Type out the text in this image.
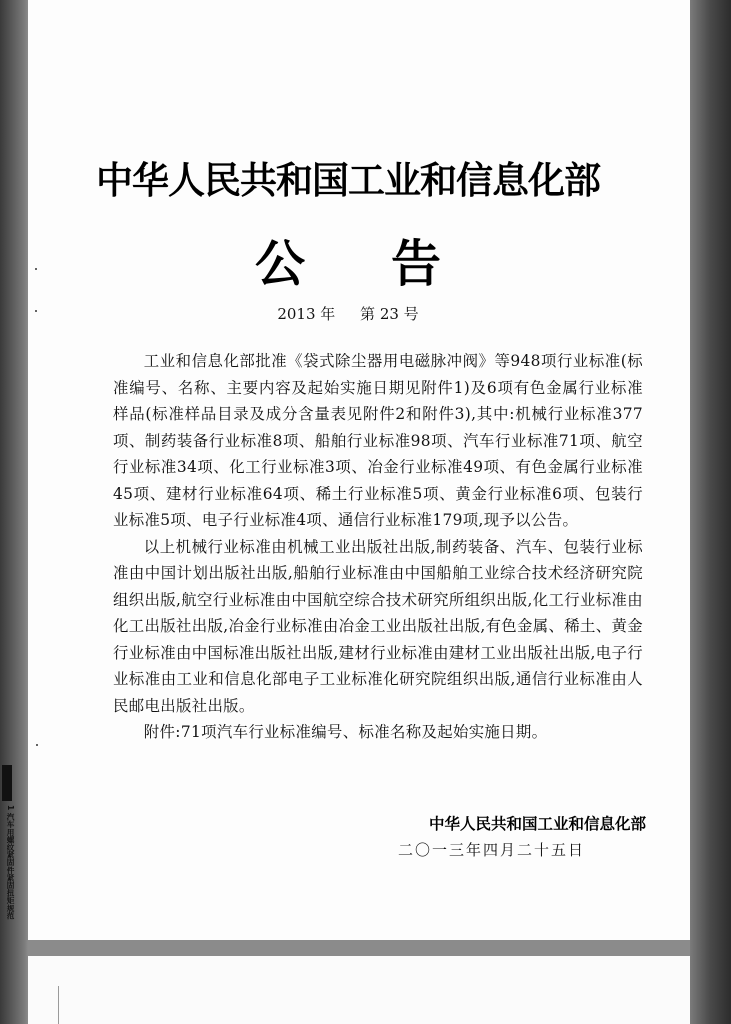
1 汽车用螺纹紧固件紧固扭矩规范
中华人民共和国工业和信息化部
公告
2013 年 第 23 号

工业和信息化部批准《袋式除尘器用电磁脉冲阀》等948项行业标准(标准编号、名称、主要内容及起始实施日期见附件1)及6项有色金属行业标准样品(标准样品目录及成分含量表见附件2和附件3),其中:机械行业标准377项、制药装备行业标准8项、船舶行业标准98项、汽车行业标准71项、航空行业标准34项、化工行业标准3项、冶金行业标准49项、有色金属行业标准45项、建材行业标准64项、稀土行业标准5项、黄金行业标准6项、包装行业标准5项、电子行业标准4项、通信行业标准179项,现予以公告。

以上机械行业标准由机械工业出版社出版,制药装备、汽车、包装行业标准由中国计划出版社出版,船舶行业标准由中国船舶工业综合技术经济研究院组织出版,航空行业标准由中国航空综合技术研究所组织出版,化工行业标准由化工出版社出版,冶金行业标准由冶金工业出版社出版,有色金属、稀土、黄金行业标准由中国标准出版社出版,建材行业标准由建材工业出版社出版,电子行业标准由工业和信息化部电子工业标准化研究院组织出版,通信行业标准由人民邮电出版社出版。

附件:71项汽车行业标准编号、标准名称及起始实施日期。

中华人民共和国工业和信息化部
二〇一三年四月二十五日
